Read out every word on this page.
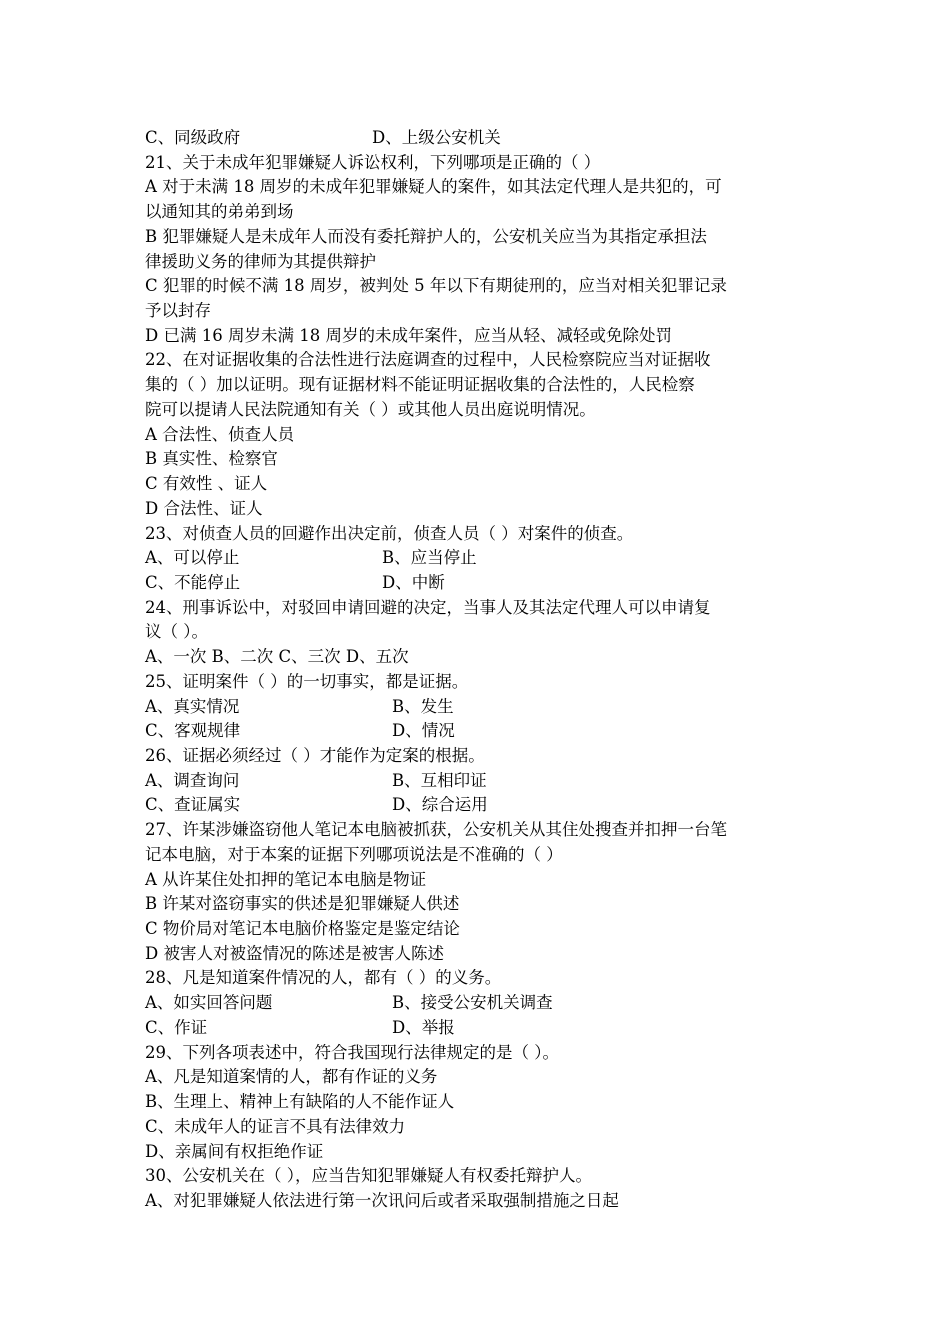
C、同级政府	D、上级公安机关
21、关于未成年犯罪嫌疑人诉讼权利，下列哪项是正确的（ ）
A 对于未满 18 周岁的未成年犯罪嫌疑人的案件，如其法定代理人是共犯的，可
以通知其的弟弟到场
B 犯罪嫌疑人是未成年人而没有委托辩护人的，公安机关应当为其指定承担法
律援助义务的律师为其提供辩护
C 犯罪的时候不满 18 周岁，被判处 5 年以下有期徒刑的，应当对相关犯罪记录
予以封存
D 已满 16 周岁未满 18 周岁的未成年案件，应当从轻、减轻或免除处罚
22、在对证据收集的合法性进行法庭调查的过程中，人民检察院应当对证据收
集的（ ）加以证明。现有证据材料不能证明证据收集的合法性的，人民检察
院可以提请人民法院通知有关（ ）或其他人员出庭说明情况。
A 合法性、侦查人员
B 真实性、检察官
C 有效性 、证人
D 合法性、证人
23、对侦查人员的回避作出决定前，侦查人员（ ）对案件的侦查。
A、可以停止	B、应当停止
C、不能停止	D、中断
24、刑事诉讼中，对驳回申请回避的决定，当事人及其法定代理人可以申请复
议（ ）。
A、一次 B、二次 C、三次 D、五次
25、证明案件（ ）的一切事实，都是证据。
A、真实情况	B、发生
C、客观规律	D、情况
26、证据必须经过（ ）才能作为定案的根据。
A、调查询问	B、互相印证
C、查证属实	D、综合运用
27、许某涉嫌盗窃他人笔记本电脑被抓获，公安机关从其住处搜查并扣押一台笔
记本电脑，对于本案的证据下列哪项说法是不准确的（ ）
A 从许某住处扣押的笔记本电脑是物证
B 许某对盗窃事实的供述是犯罪嫌疑人供述
C 物价局对笔记本电脑价格鉴定是鉴定结论
D 被害人对被盗情况的陈述是被害人陈述
28、凡是知道案件情况的人，都有（ ）的义务。
A、如实回答问题	B、接受公安机关调查
C、作证	D、举报
29、下列各项表述中，符合我国现行法律规定的是（ ）。
A、凡是知道案情的人，都有作证的义务
B、生理上、精神上有缺陷的人不能作证人
C、未成年人的证言不具有法律效力
D、亲属间有权拒绝作证
30、公安机关在（ ），应当告知犯罪嫌疑人有权委托辩护人。
A、对犯罪嫌疑人依法进行第一次讯问后或者采取强制措施之日起
